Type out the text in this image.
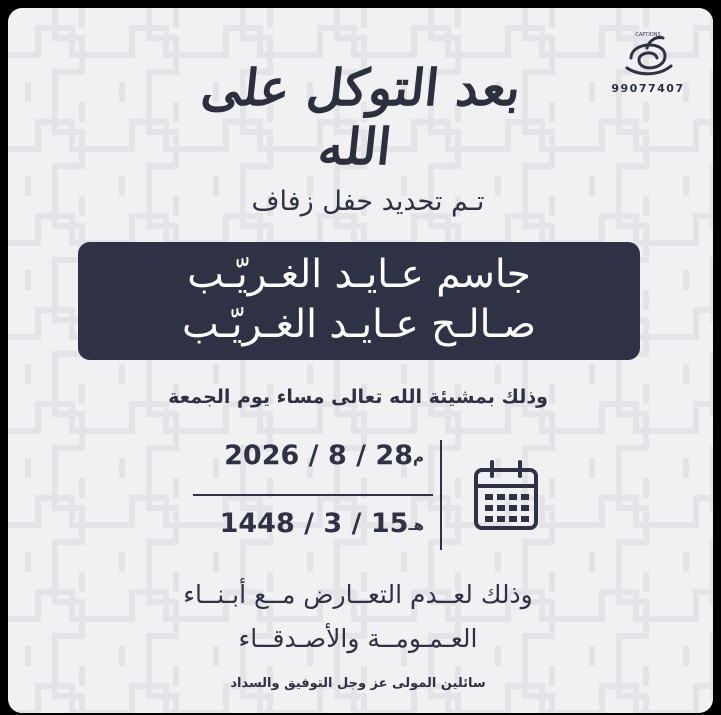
CAPTIONS
99077407
بعد التوكل على الله
تـم تحديد حفل زفاف
جاسم عـايـد الغـريّـب
صـالـح عـايـد الغـريّـب
وذلك بمشيئة الله تعالى مساء يوم الجمعة
م28 / 8 / 2026
هـ15 / 3 / 1448
وذلك لعــدم التعــارض مــع أبـنــاء
العـمـومــة والأصـدقــاء
سائلين المولى عز وجل التوفيق والسداد
